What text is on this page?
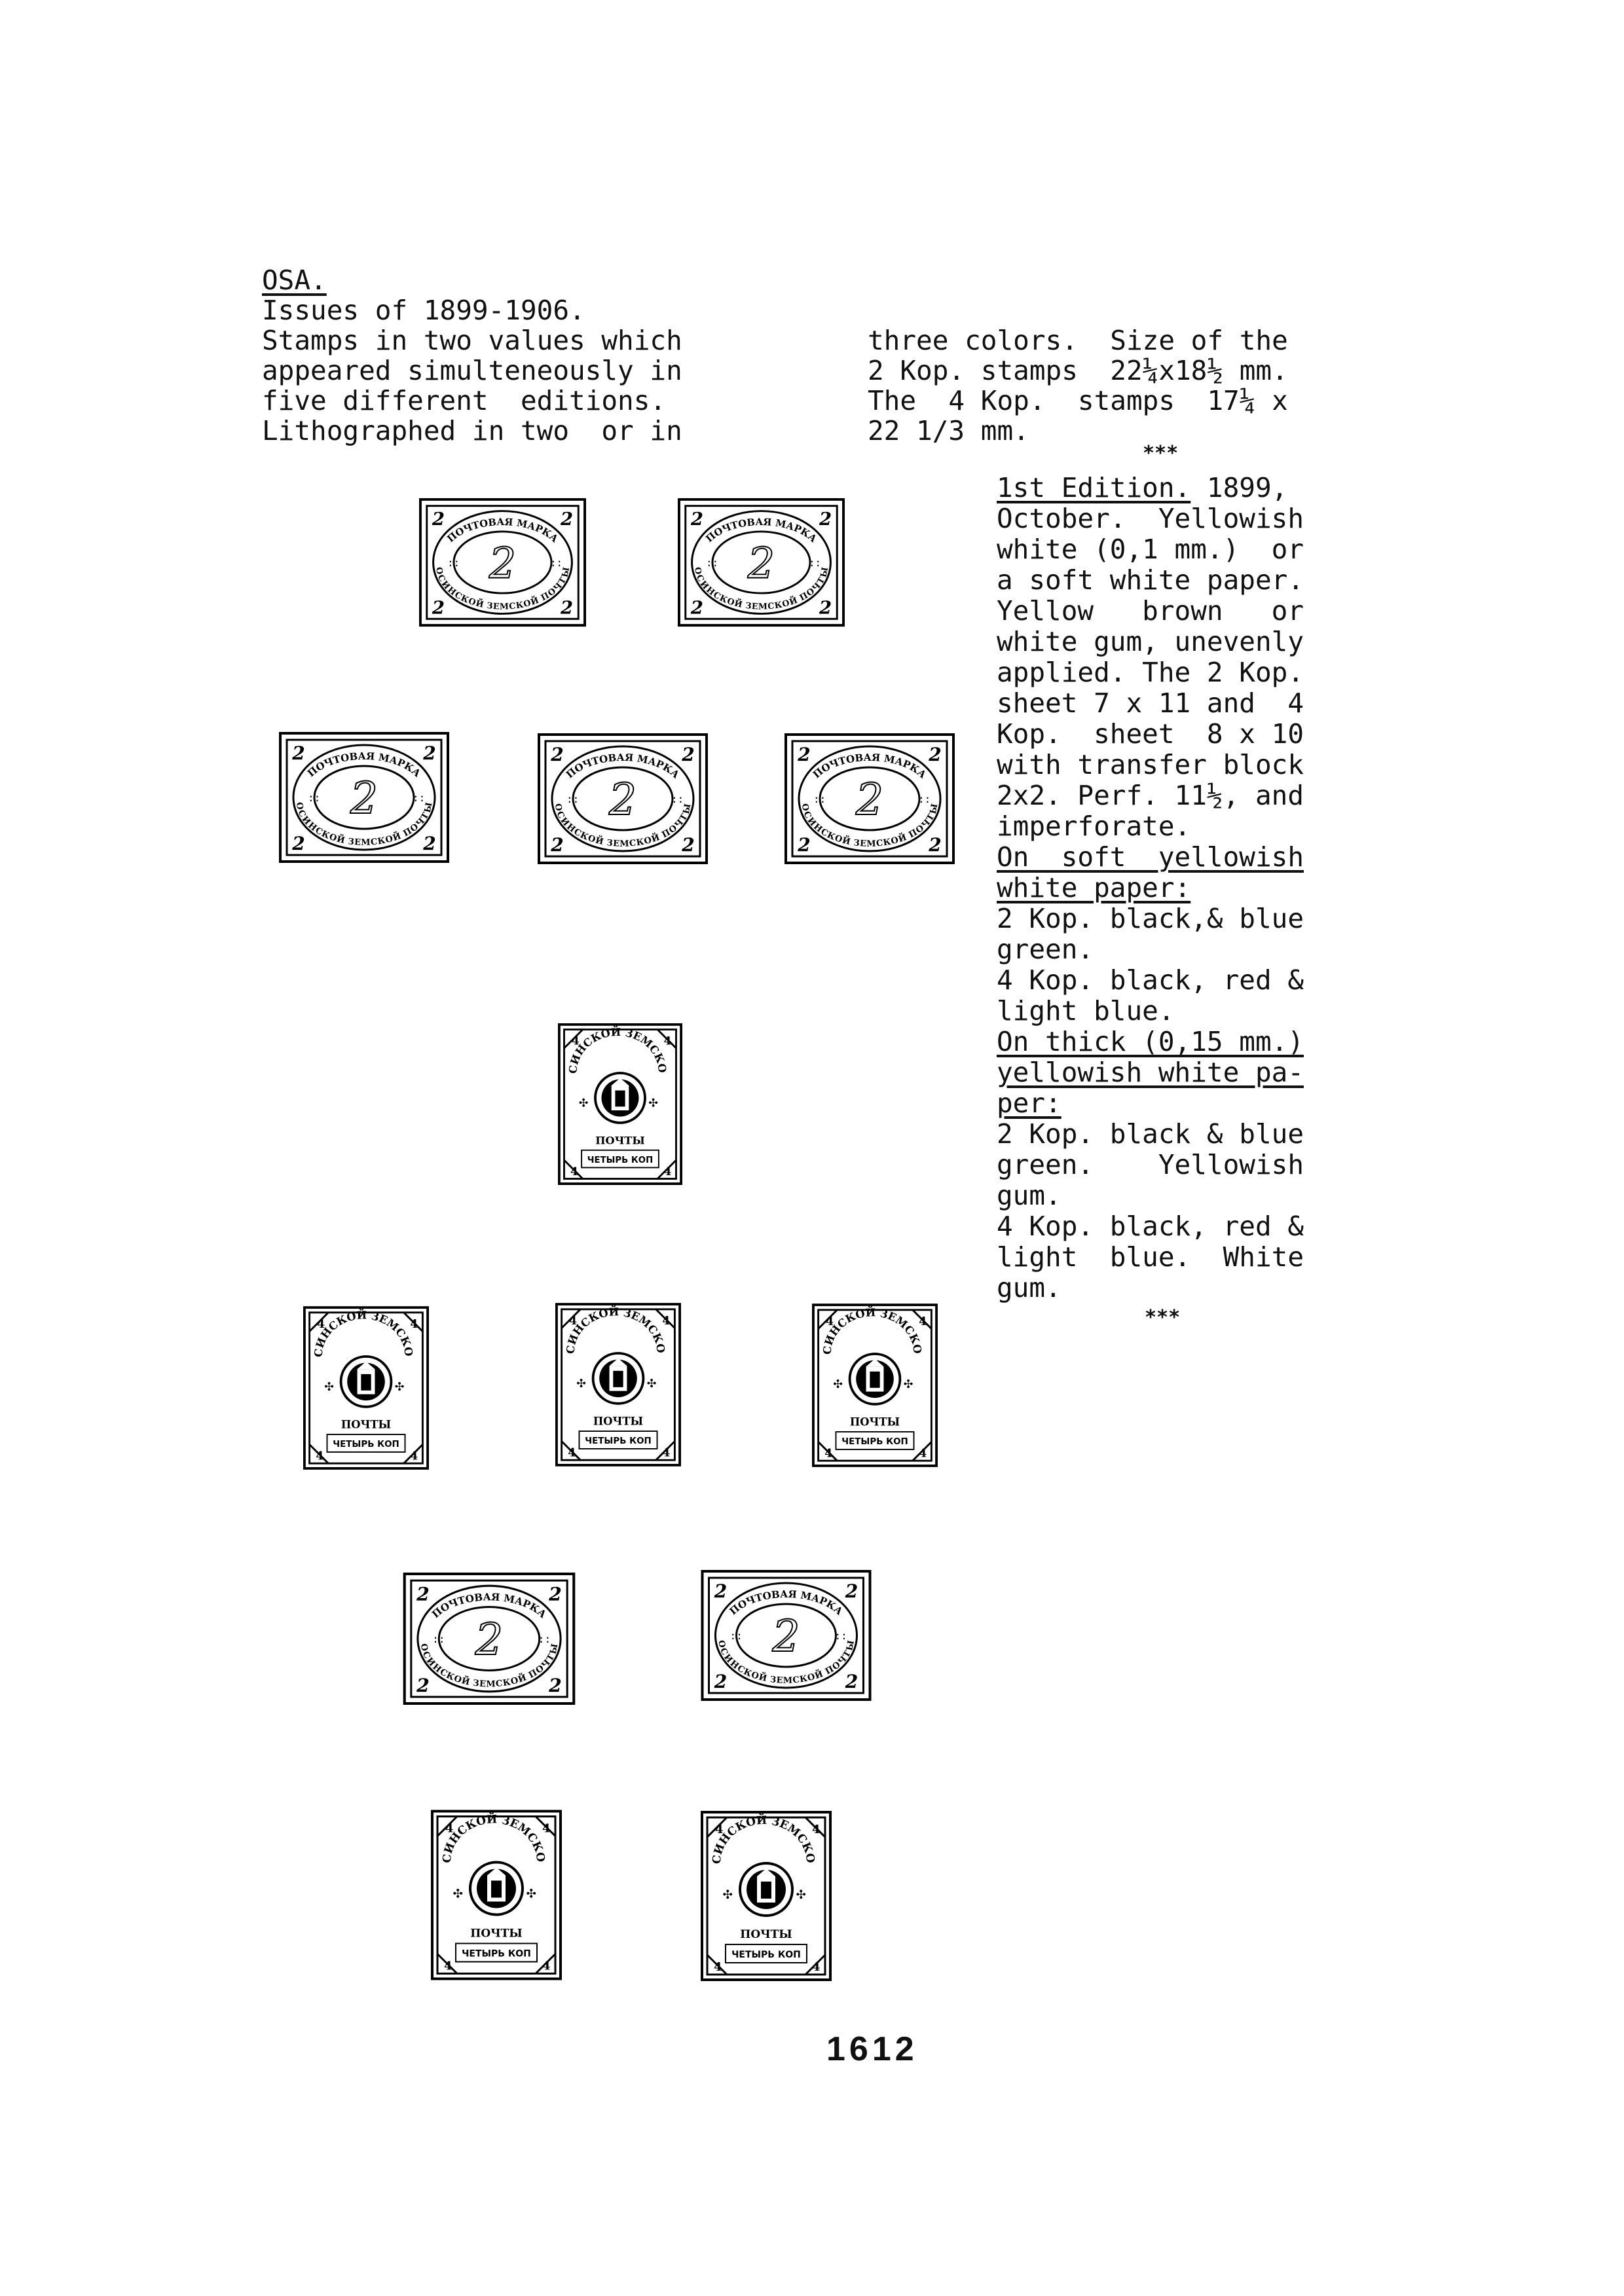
OSA.
Issues of 1899-1906.
Stamps in two values which
appeared simulteneously in
five different  editions.
Lithographed in two  or in
three colors.  Size of the
2 Kop. stamps  22¼x18½ mm.
The  4 Kop.  stamps  17¼ x
22 1/3 mm.
***
1st Edition. 1899,
October.  Yellowish
white (0,1 mm.)  or
a soft white paper.
Yellow   brown   or
white gum, unevenly
applied. The 2 Kop.
sheet 7 x 11 and  4
Kop.  sheet  8 x 10
with transfer block
2x2. Perf. 11½, and
imperforate.
On  soft  yellowish
white paper:
2 Kop. black,& blue
green.
4 Kop. black, red &
light blue.
On thick (0,15 mm.)
yellowish white pa-
per:
2 Kop. black & blue
green.    Yellowish
gum.
4 Kop. black, red &
light  blue.  White
gum.
***
1612
